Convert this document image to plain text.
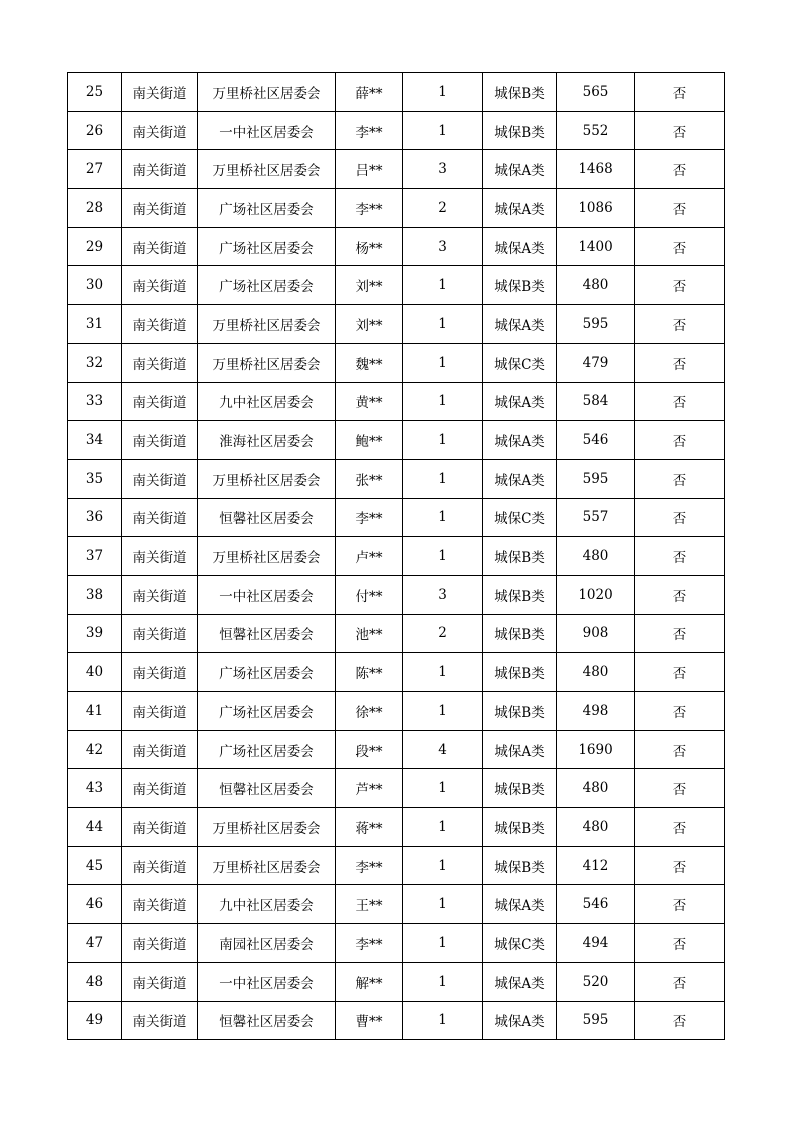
25	南关街道	万里桥社区居委会	薛**	1	城保B类	565	否
26	南关街道	一中社区居委会	李**	1	城保B类	552	否
27	南关街道	万里桥社区居委会	吕**	3	城保A类	1468	否
28	南关街道	广场社区居委会	李**	2	城保A类	1086	否
29	南关街道	广场社区居委会	杨**	3	城保A类	1400	否
30	南关街道	广场社区居委会	刘**	1	城保B类	480	否
31	南关街道	万里桥社区居委会	刘**	1	城保A类	595	否
32	南关街道	万里桥社区居委会	魏**	1	城保C类	479	否
33	南关街道	九中社区居委会	黄**	1	城保A类	584	否
34	南关街道	淮海社区居委会	鲍**	1	城保A类	546	否
35	南关街道	万里桥社区居委会	张**	1	城保A类	595	否
36	南关街道	恒馨社区居委会	李**	1	城保C类	557	否
37	南关街道	万里桥社区居委会	卢**	1	城保B类	480	否
38	南关街道	一中社区居委会	付**	3	城保B类	1020	否
39	南关街道	恒馨社区居委会	池**	2	城保B类	908	否
40	南关街道	广场社区居委会	陈**	1	城保B类	480	否
41	南关街道	广场社区居委会	徐**	1	城保B类	498	否
42	南关街道	广场社区居委会	段**	4	城保A类	1690	否
43	南关街道	恒馨社区居委会	芦**	1	城保B类	480	否
44	南关街道	万里桥社区居委会	蒋**	1	城保B类	480	否
45	南关街道	万里桥社区居委会	李**	1	城保B类	412	否
46	南关街道	九中社区居委会	王**	1	城保A类	546	否
47	南关街道	南园社区居委会	李**	1	城保C类	494	否
48	南关街道	一中社区居委会	解**	1	城保A类	520	否
49	南关街道	恒馨社区居委会	曹**	1	城保A类	595	否
